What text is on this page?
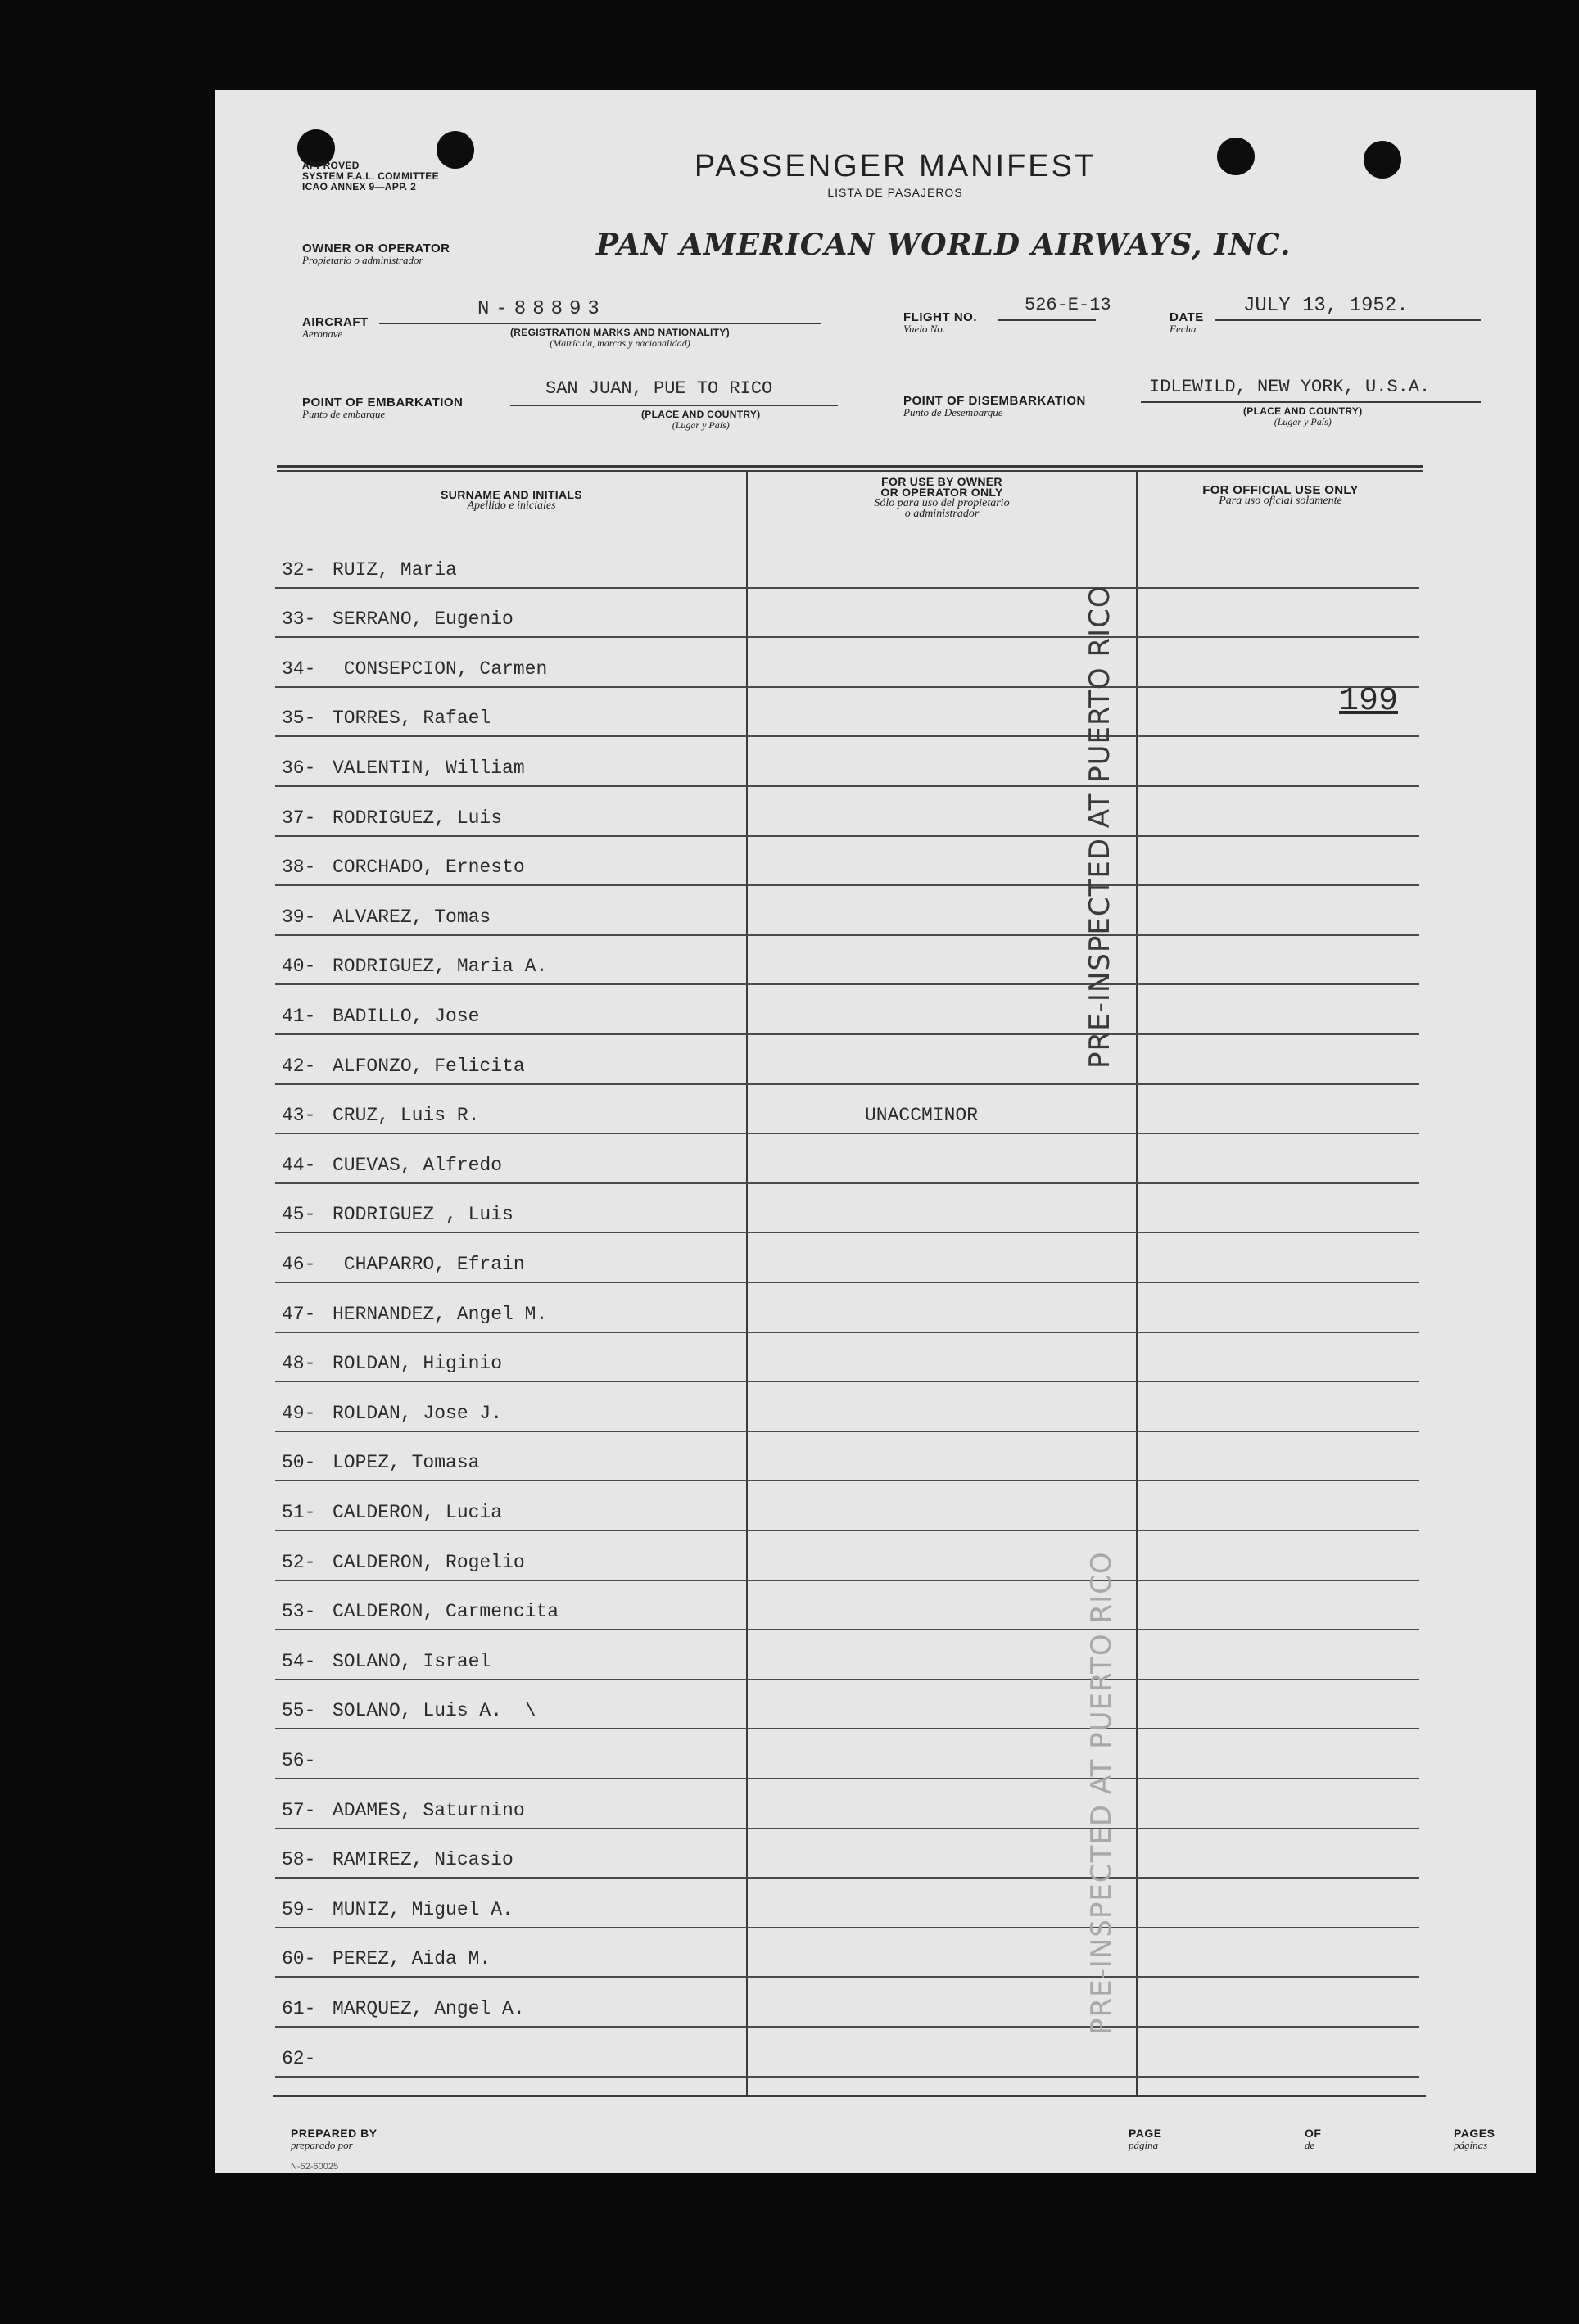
APPROVED
SYSTEM F.A.L. COMMITTEE
ICAO ANNEX 9—APP. 2
PASSENGER MANIFEST
LISTA DE PASAJEROS
OWNER OR OPERATOR
Propietario o administrador	PAN AMERICAN WORLD AIRWAYS, INC.
AIRCRAFT
Aeronave
N-88893
(REGISTRATION MARKS AND NATIONALITY)
(Matrícula, marcas y nacionalidad)
FLIGHT NO.
Vuelo No.
526-E-13
DATE
Fecha
JULY 13, 1952.
POINT OF EMBARKATION
Punto de embarque
SAN JUAN, PUE TO RICO
(PLACE AND COUNTRY)
(Lugar y País)
POINT OF DISEMBARKATION
Punto de Desembarque
IDLEWILD, NEW YORK, U.S.A.
(PLACE AND COUNTRY)
(Lugar y País)
SURNAME AND INITIALS
Apellido e iniciales
FOR USE BY OWNER
OR OPERATOR ONLY
Sólo para uso del propietario
o administrador
FOR OFFICIAL USE ONLY
Para uso oficial solamente
32- RUIZ, Maria
33- SERRANO, Eugenio
34- CONSEPCION, Carmen
35- TORRES, Rafael
36- VALENTIN, William
37- RODRIGUEZ, Luis
38- CORCHADO, Ernesto
39- ALVAREZ, Tomas
40- RODRIGUEZ, Maria A.
41- BADILLO, Jose
42- ALFONZO, Felicita
43- CRUZ, Luis R.	UNACCMINOR
44- CUEVAS, Alfredo
45- RODRIGUEZ , Luis
46- CHAPARRO, Efrain
47- HERNANDEZ, Angel M.
48- ROLDAN, Higinio
49- ROLDAN, Jose J.
50- LOPEZ, Tomasa
51- CALDERON, Lucia
52- CALDERON, Rogelio
53- CALDERON, Carmencita
54- SOLANO, Israel
55- SOLANO, Luis A.  \
56-
57- ADAMES, Saturnino
58- RAMIREZ, Nicasio
59- MUNIZ, Miguel A.
60- PEREZ, Aida M.
61- MARQUEZ, Angel A.
62-
199
PRE-INSPECTED AT PUERTO RICO
PRE-INSPECTED AT PUERTO RICO
PREPARED BY
preparado por
PAGE
página
OF
de
PAGES
páginas
N-52-60025
